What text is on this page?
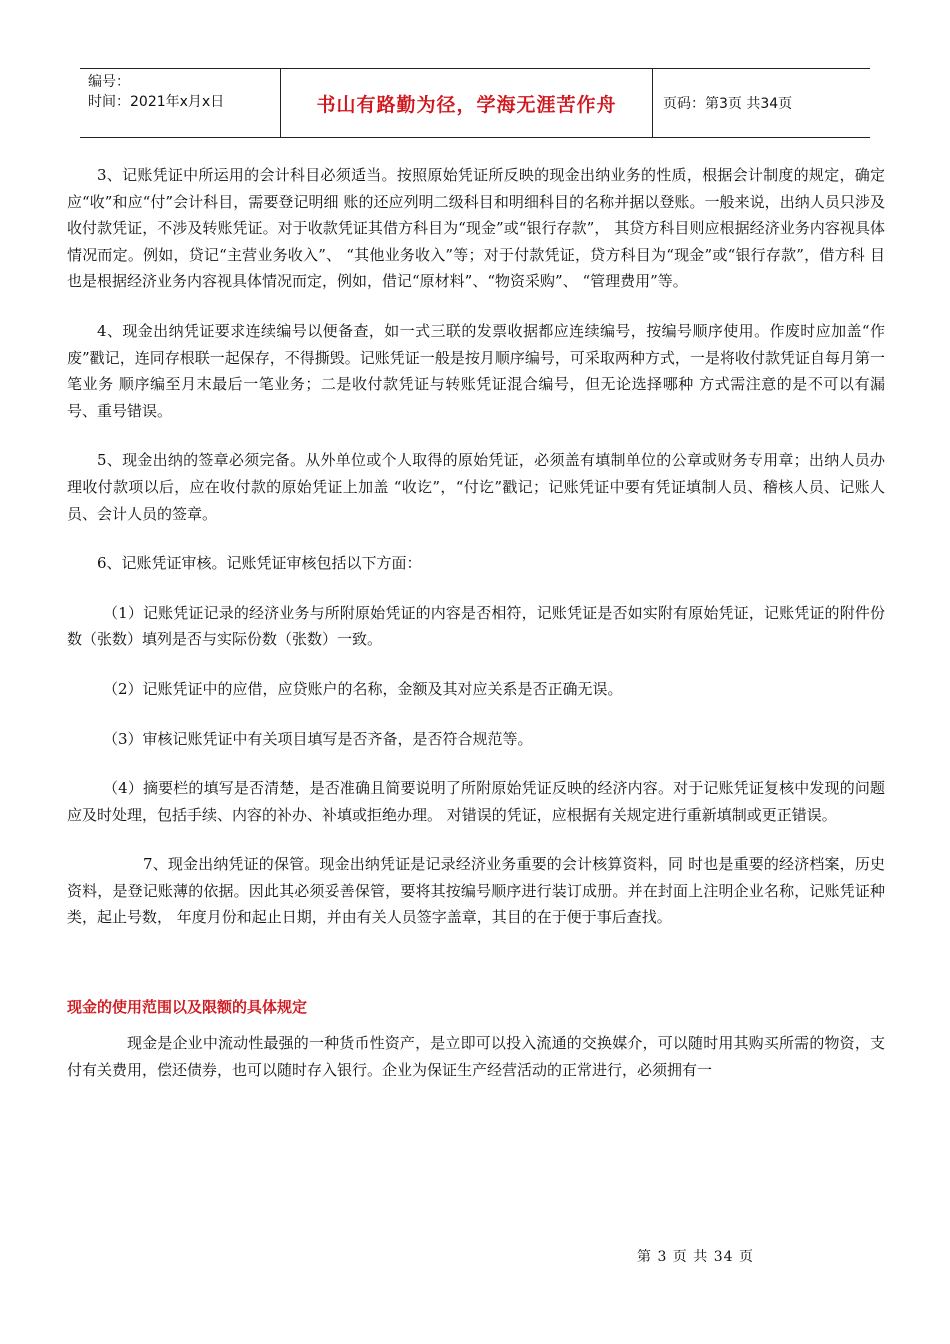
编号：
时间：2021年x月x日	书山有路勤为径，学海无涯苦作舟	页码：第3页 共34页

3、记账凭证中所运用的会计科目必须适当。按照原始凭证所反映的现金出纳业务的性质，根据会计制度的规定，确定应“收”和应“付”会计科目，需要登记明细 账的还应列明二级科目和明细科目的名称并据以登账。一般来说，出纳人员只涉及收付款凭证，不涉及转账凭证。对于收款凭证其借方科目为“现金”或“银行存款”， 其贷方科目则应根据经济业务内容视具体情况而定。例如，贷记“主营业务收入”、 “其他业务收入”等；对于付款凭证，贷方科目为“现金”或“银行存款”，借方科 目也是根据经济业务内容视具体情况而定，例如，借记“原材料”、“物资采购”、 “管理费用”等。

4、现金出纳凭证要求连续编号以便备查，如一式三联的发票收据都应连续编号，按编号顺序使用。作废时应加盖“作废”戳记，连同存根联一起保存，不得撕毁。记账凭证一般是按月顺序编号，可采取两种方式，一是将收付款凭证自每月第一笔业务 顺序编至月末最后一笔业务；二是收付款凭证与转账凭证混合编号，但无论选择哪种 方式需注意的是不可以有漏号、重号错误。

5、现金出纳的签章必须完备。从外单位或个人取得的原始凭证，必须盖有填制单位的公章或财务专用章；出纳人员办理收付款项以后，应在收付款的原始凭证上加盖 “收讫”，“付讫”戳记；记账凭证中要有凭证填制人员、稽核人员、记账人员、会计人员的签章。

6、记账凭证审核。记账凭证审核包括以下方面：

（1）记账凭证记录的经济业务与所附原始凭证的内容是否相符，记账凭证是否如实附有原始凭证，记账凭证的附件份数（张数）填列是否与实际份数（张数）一致。

（2）记账凭证中的应借，应贷账户的名称，金额及其对应关系是否正确无误。

（3）审核记账凭证中有关项目填写是否齐备，是否符合规范等。

（4）摘要栏的填写是否清楚，是否准确且简要说明了所附原始凭证反映的经济内容。对于记账凭证复核中发现的问题应及时处理，包括手续、内容的补办、补填或拒绝办理。 对错误的凭证，应根据有关规定进行重新填制或更正错误。

7、现金出纳凭证的保管。现金出纳凭证是记录经济业务重要的会计核算资料，同 时也是重要的经济档案，历史资料，是登记账薄的依据。因此其必须妥善保管，要将其按编号顺序进行装订成册。并在封面上注明企业名称，记账凭证种类，起止号数， 年度月份和起止日期，并由有关人员签字盖章，其目的在于便于事后查找。

现金的使用范围以及限额的具体规定

现金是企业中流动性最强的一种货币性资产，是立即可以投入流通的交换媒介，可以随时用其购买所需的物资，支付有关费用，偿还债券，也可以随时存入银行。企业为保证生产经营活动的正常进行，必须拥有一

第 3 页 共 34 页
